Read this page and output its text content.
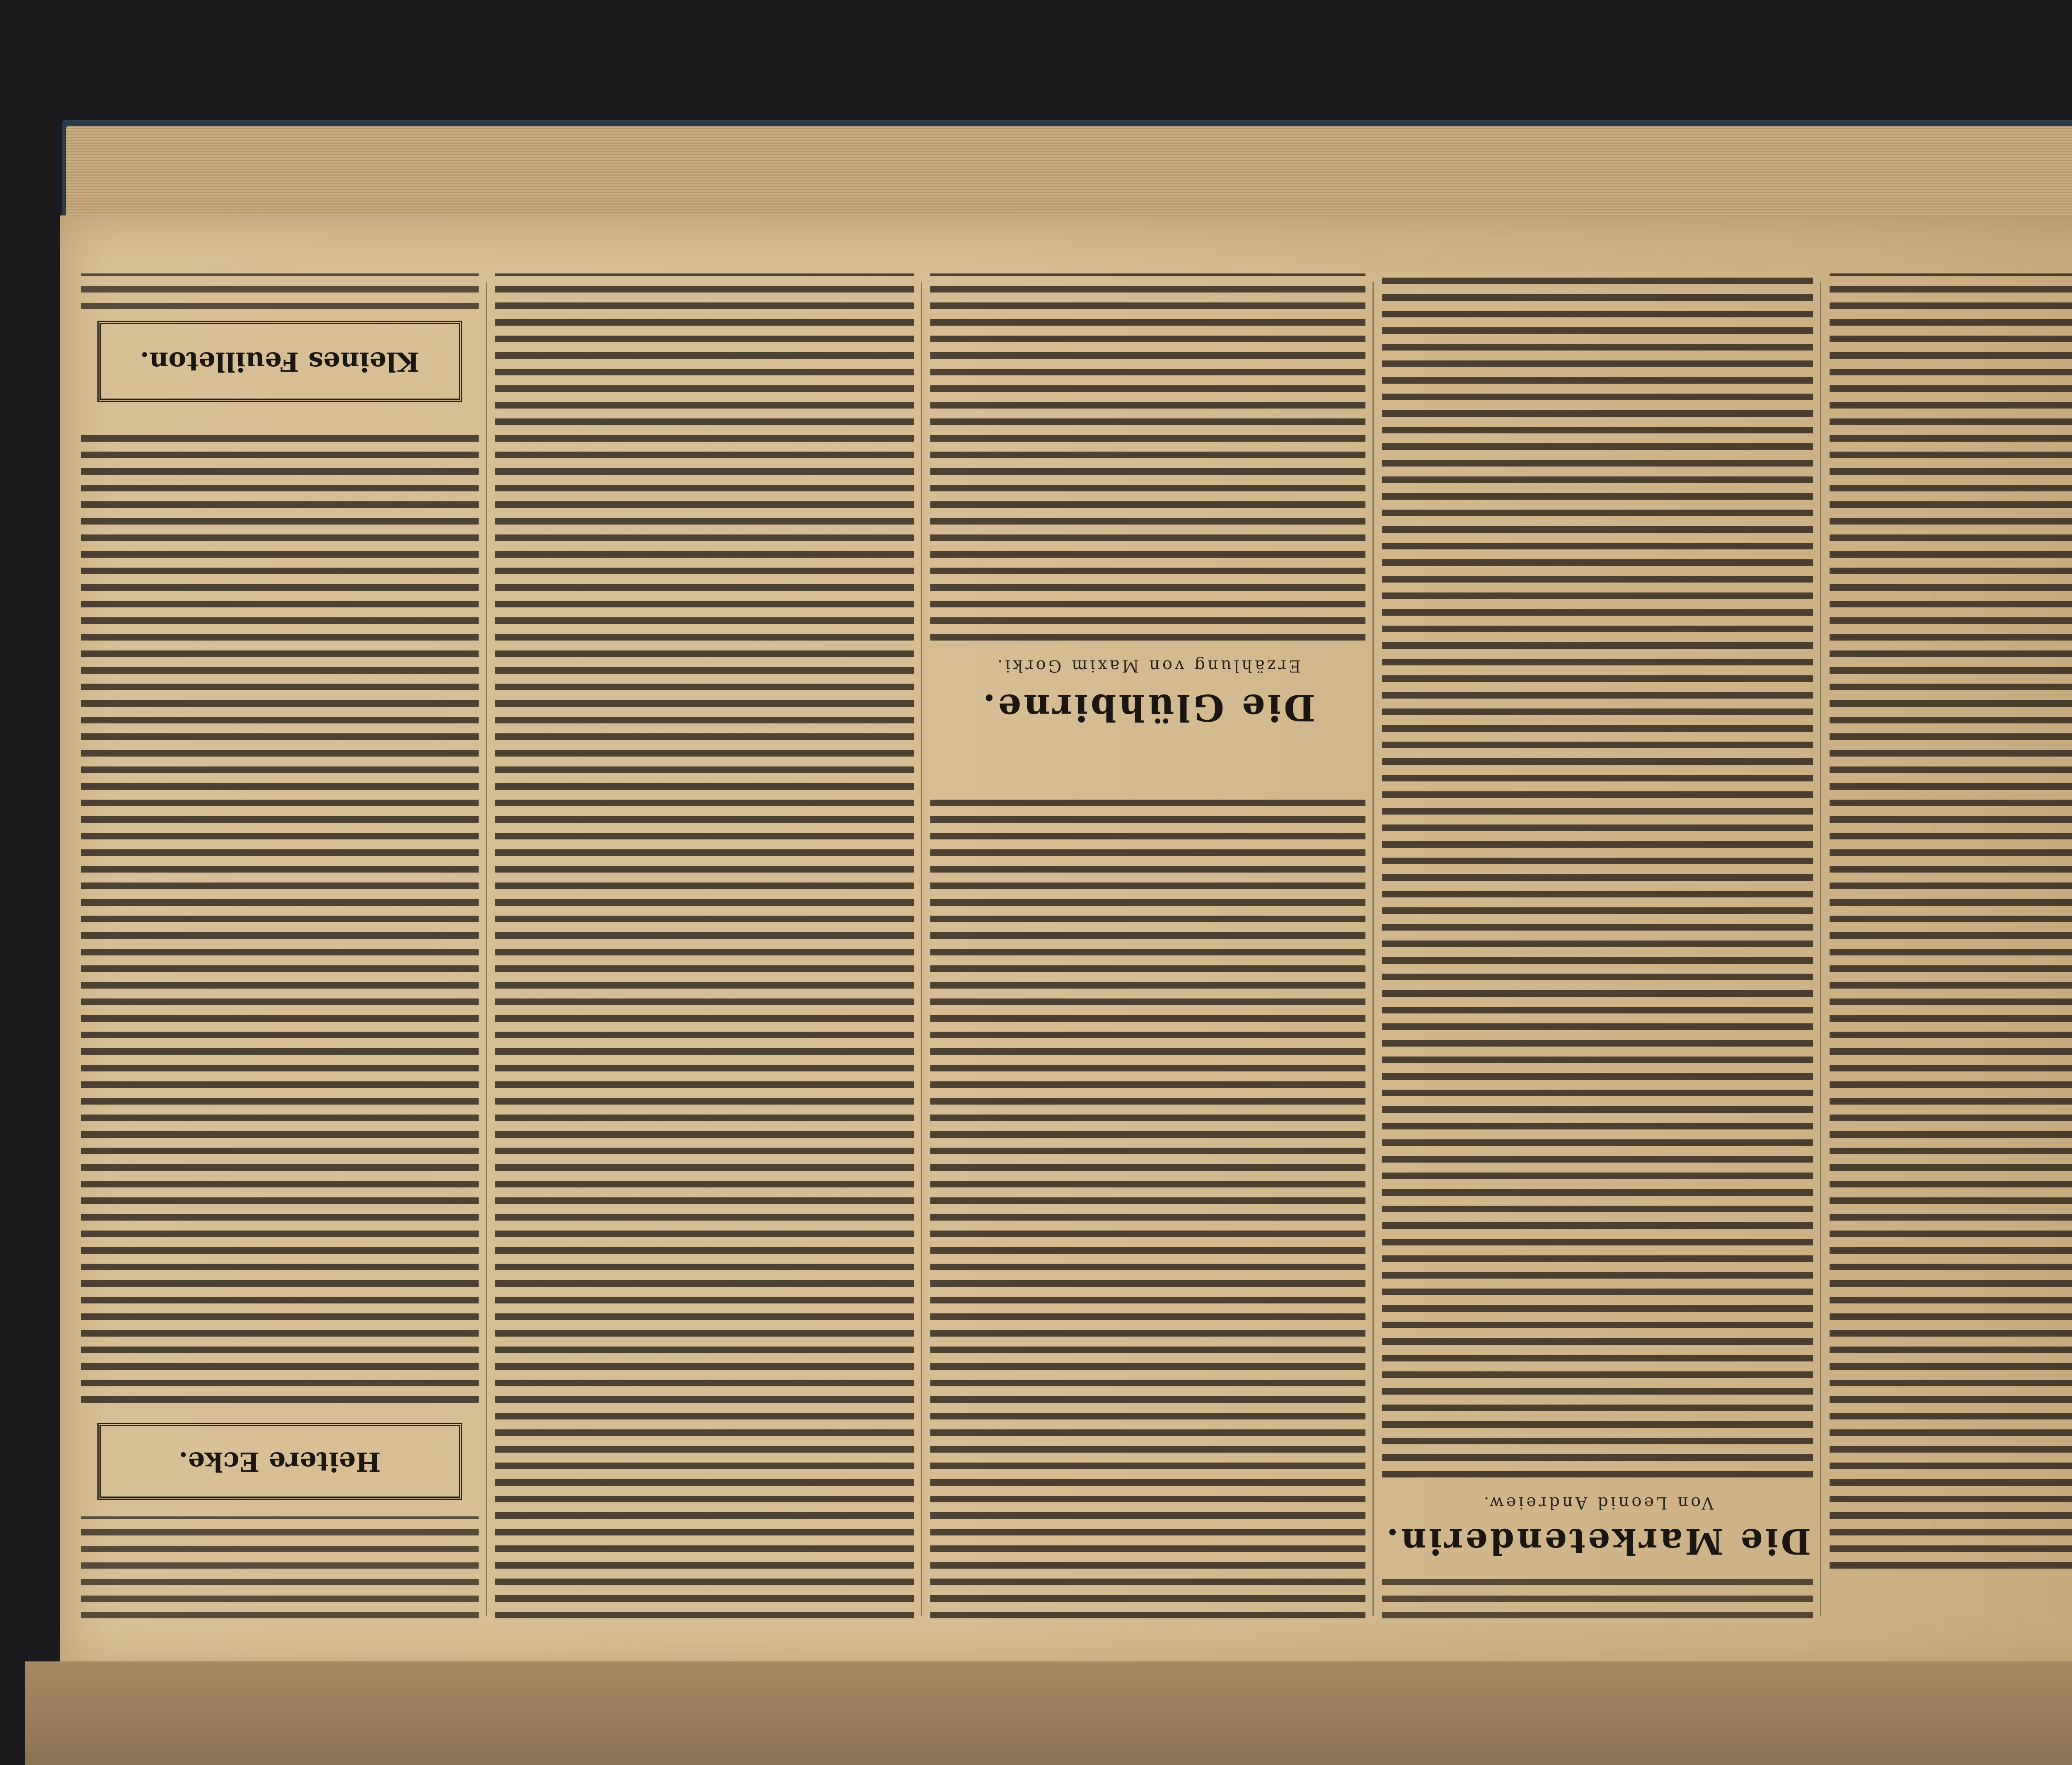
Die Marketenderin.
Von Leonid Andreiew.
Die Glühbirne.
Erzählung von Maxim Gorki.
Heitere Ecke.
Kleines Feuilleton.
